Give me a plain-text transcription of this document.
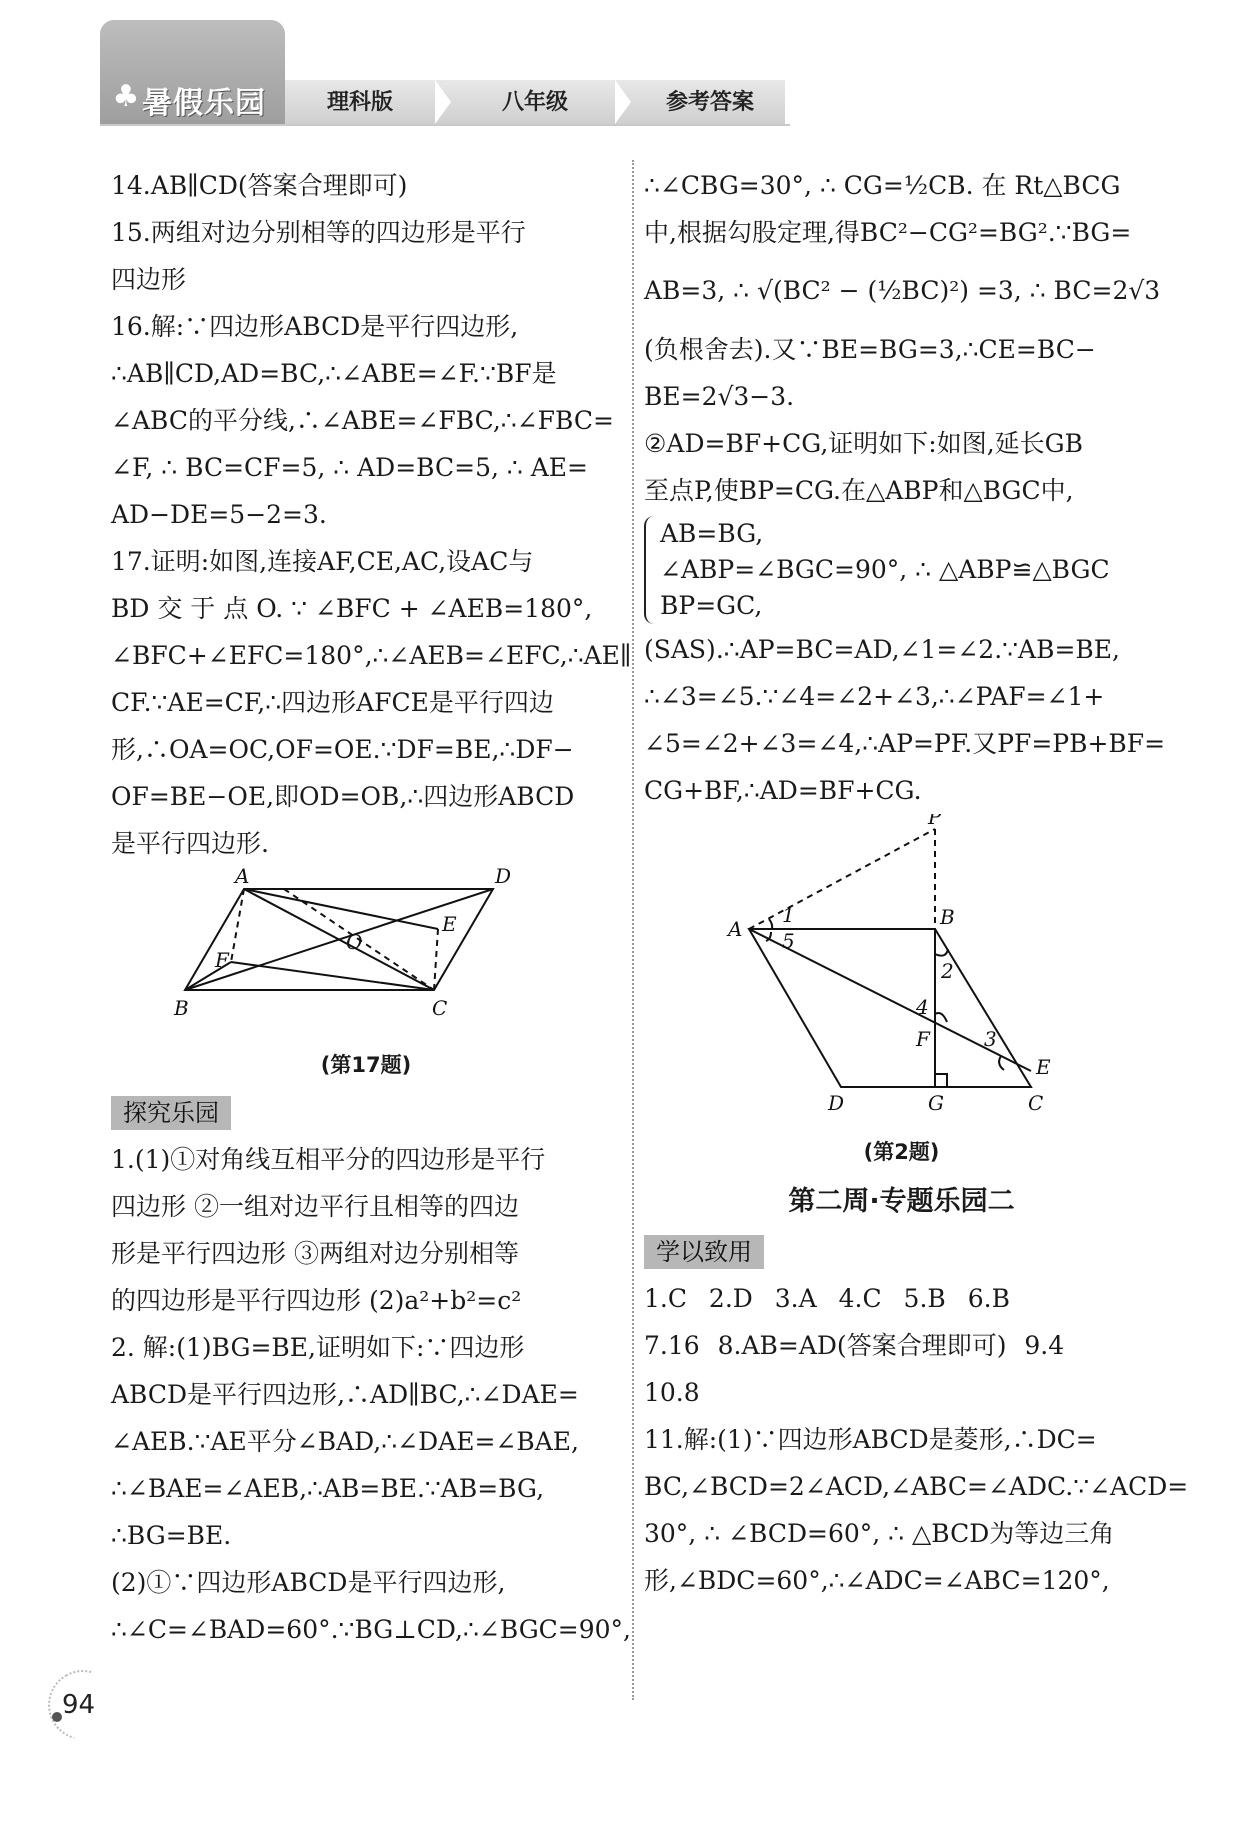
♣ 暑假乐园	理科版	八年级	参考答案
14.AB∥CD(答案合理即可)
15.两组对边分别相等的四边形是平行
四边形
16.解:∵四边形ABCD是平行四边形,
∴AB∥CD,AD=BC,∴∠ABE=∠F.∵BF是
∠ABC的平分线,∴∠ABE=∠FBC,∴∠FBC=
∠F, ∴ BC=CF=5, ∴ AD=BC=5, ∴ AE=
AD−DE=5−2=3.
17.证明:如图,连接AF,CE,AC,设AC与
BD 交 于 点 O. ∵ ∠BFC + ∠AEB=180°,
∠BFC+∠EFC=180°,∴∠AEB=∠EFC,∴AE∥
CF.∵AE=CF,∴四边形AFCE是平行四边
形,∴OA=OC,OF=OE.∵DF=BE,∴DF−
OF=BE−OE,即OD=OB,∴四边形ABCD
是平行四边形.
A	D
E
O
F
B	C
(第17题)
探究乐园
1.(1)①对角线互相平分的四边形是平行
四边形 ②一组对边平行且相等的四边
形是平行四边形 ③两组对边分别相等
的四边形是平行四边形 (2)a²+b²=c²
2. 解:(1)BG=BE,证明如下:∵四边形
ABCD是平行四边形,∴AD∥BC,∴∠DAE=
∠AEB.∵AE平分∠BAD,∴∠DAE=∠BAE,
∴∠BAE=∠AEB,∴AB=BE.∵AB=BG,
∴BG=BE.
(2)①∵四边形ABCD是平行四边形,
∴∠C=∠BAD=60°.∵BG⊥CD,∴∠BGC=90°,
∴∠CBG=30°, ∴ CG=½CB. 在 Rt△BCG
中,根据勾股定理,得BC²−CG²=BG².∵BG=
AB=3, ∴ √(BC² − (½BC)²) =3, ∴ BC=2√3
(负根舍去).又∵BE=BG=3,∴CE=BC−
BE=2√3−3.
②AD=BF+CG,证明如下:如图,延长GB
至点P,使BP=CG.在△ABP和△BGC中,
AB=BG,
∠ABP=∠BGC=90°, ∴ △ABP≌△BGC
BP=GC,
(SAS).∴AP=BC=AD,∠1=∠2.∵AB=BE,
∴∠3=∠5.∵∠4=∠2+∠3,∴∠PAF=∠1+
∠5=∠2+∠3=∠4,∴AP=PF.又PF=PB+BF=
CG+BF,∴AD=BF+CG.
P
A
1
5
B
2
4
F	3
E
D	G	C
(第2题)
第二周·专题乐园二
学以致用
1.C 2.D 3.A 4.C 5.B 6.B
7.16 8.AB=AD(答案合理即可) 9.4
10.8
11.解:(1)∵四边形ABCD是菱形,∴DC=
BC,∠BCD=2∠ACD,∠ABC=∠ADC.∵∠ACD=
30°, ∴ ∠BCD=60°, ∴ △BCD为等边三角
形,∠BDC=60°,∴∠ADC=∠ABC=120°,
94
